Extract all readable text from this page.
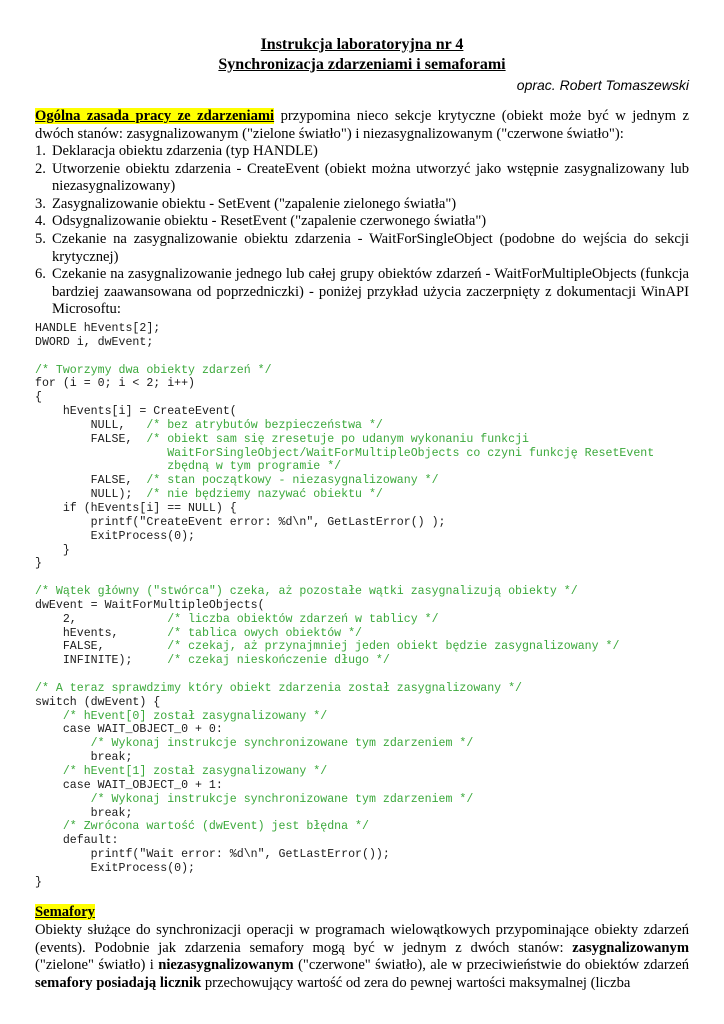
Instrukcja laboratoryjna nr 4
Synchronizacja zdarzeniami i semaforami
oprac. Robert Tomaszewski
Ogólna zasada pracy ze zdarzeniami przypomina nieco sekcje krytyczne (obiekt może być w jednym z dwóch stanów: zasygnalizowanym ("zielone światło") i niezasygnalizowanym ("czerwone światło"):
1. Deklaracja obiektu zdarzenia (typ HANDLE)
2. Utworzenie obiektu zdarzenia - CreateEvent (obiekt można utworzyć jako wstępnie zasygnalizowany lub niezasygnalizowany)
3. Zasygnalizowanie obiektu - SetEvent ("zapalenie zielonego światła")
4. Odsygnalizowanie obiektu - ResetEvent ("zapalenie czerwonego światła")
5. Czekanie na zasygnalizowanie obiektu zdarzenia - WaitForSingleObject (podobne do wejścia do sekcji krytycznej)
6. Czekanie na zasygnalizowanie jednego lub całej grupy obiektów zdarzeń - WaitForMultipleObjects (funkcja bardziej zaawansowana od poprzedniczki) - poniżej przykład użycia zaczerpnięty z dokumentacji WinAPI Microsoftu:
HANDLE hEvents[2];
DWORD i, dwEvent;

/* Tworzymy dwa obiekty zdarzeń */
for (i = 0; i < 2; i++)
{
hEvents[i] = CreateEvent(
NULL,   /* bez atrybutów bezpieczeństwa */
FALSE,  /* obiekt sam się zresetuje po udanym wykonaniu funkcji
WaitForSingleObject/WaitForMultipleObjects co czyni funkcję ResetEvent
zbędną w tym programie */
FALSE,  /* stan początkowy - niezasygnalizowany */
NULL);  /* nie będziemy nazywać obiektu */
if (hEvents[i] == NULL) {
printf("CreateEvent error: %d\n", GetLastError() );
ExitProcess(0);
}
}

/* Wątek główny ("stwórca") czeka, aż pozostałe wątki zasygnalizują obiekty */
dwEvent = WaitForMultipleObjects(
2,             /* liczba obiektów zdarzeń w tablicy */
hEvents,       /* tablica owych obiektów */
FALSE,         /* czekaj, aż przynajmniej jeden obiekt będzie zasygnalizowany */
INFINITE);     /* czekaj nieskończenie długo */

/* A teraz sprawdzimy który obiekt zdarzenia został zasygnalizowany */
switch (dwEvent) {
/* hEvent[0] został zasygnalizowany */
case WAIT_OBJECT_0 + 0:
/* Wykonaj instrukcje synchronizowane tym zdarzeniem */
break;
/* hEvent[1] został zasygnalizowany */
case WAIT_OBJECT_0 + 1:
/* Wykonaj instrukcje synchronizowane tym zdarzeniem */
break;
/* Zwrócona wartość (dwEvent) jest błędna */
default:
printf("Wait error: %d\n", GetLastError());
ExitProcess(0);
}
Semafory
Obiekty służące do synchronizacji operacji w programach wielowątkowych przypominające obiekty zdarzeń (events). Podobnie jak zdarzenia semafory mogą być w jednym z dwóch stanów: zasygnalizowanym ("zielone" światło) i niezasygnalizowanym ("czerwone" światło), ale w przeciwieństwie do obiektów zdarzeń semafory posiadają licznik przechowujący wartość od zera do pewnej wartości maksymalnej (liczba
